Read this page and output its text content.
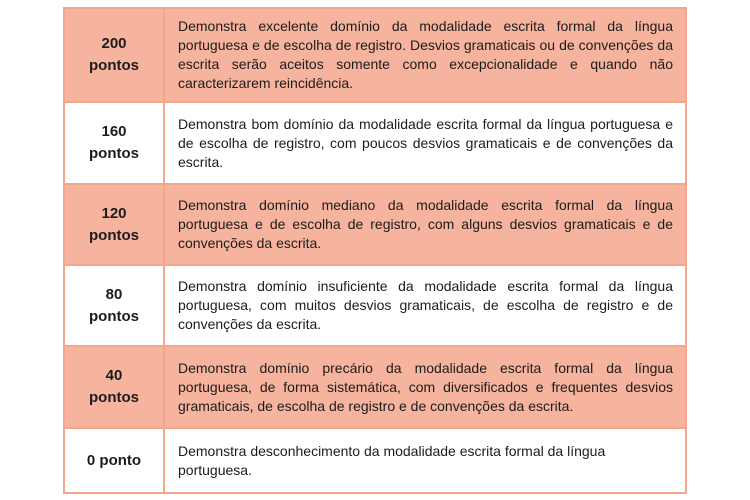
200
pontos	Demonstra excelente domínio da modalidade escrita formal da língua portuguesa e de escolha de registro. Desvios gramaticais ou de convenções da escrita serão aceitos somente como excepcionalidade e quando não caracterizarem reincidência.

160
pontos	Demonstra bom domínio da modalidade escrita formal da língua portuguesa e de escolha de registro, com poucos desvios gramaticais e de convenções da escrita.

120
pontos	Demonstra domínio mediano da modalidade escrita formal da língua portuguesa e de escolha de registro, com alguns desvios gramaticais e de convenções da escrita.

80
pontos	Demonstra domínio insuficiente da modalidade escrita formal da língua portuguesa, com muitos desvios gramaticais, de escolha de registro e de convenções da escrita.

40
pontos	Demonstra domínio precário da modalidade escrita formal da língua portuguesa, de forma sistemática, com diversificados e frequentes desvios gramaticais, de escolha de registro e de convenções da escrita.

0 ponto	Demonstra desconhecimento da modalidade escrita formal da língua portuguesa.
